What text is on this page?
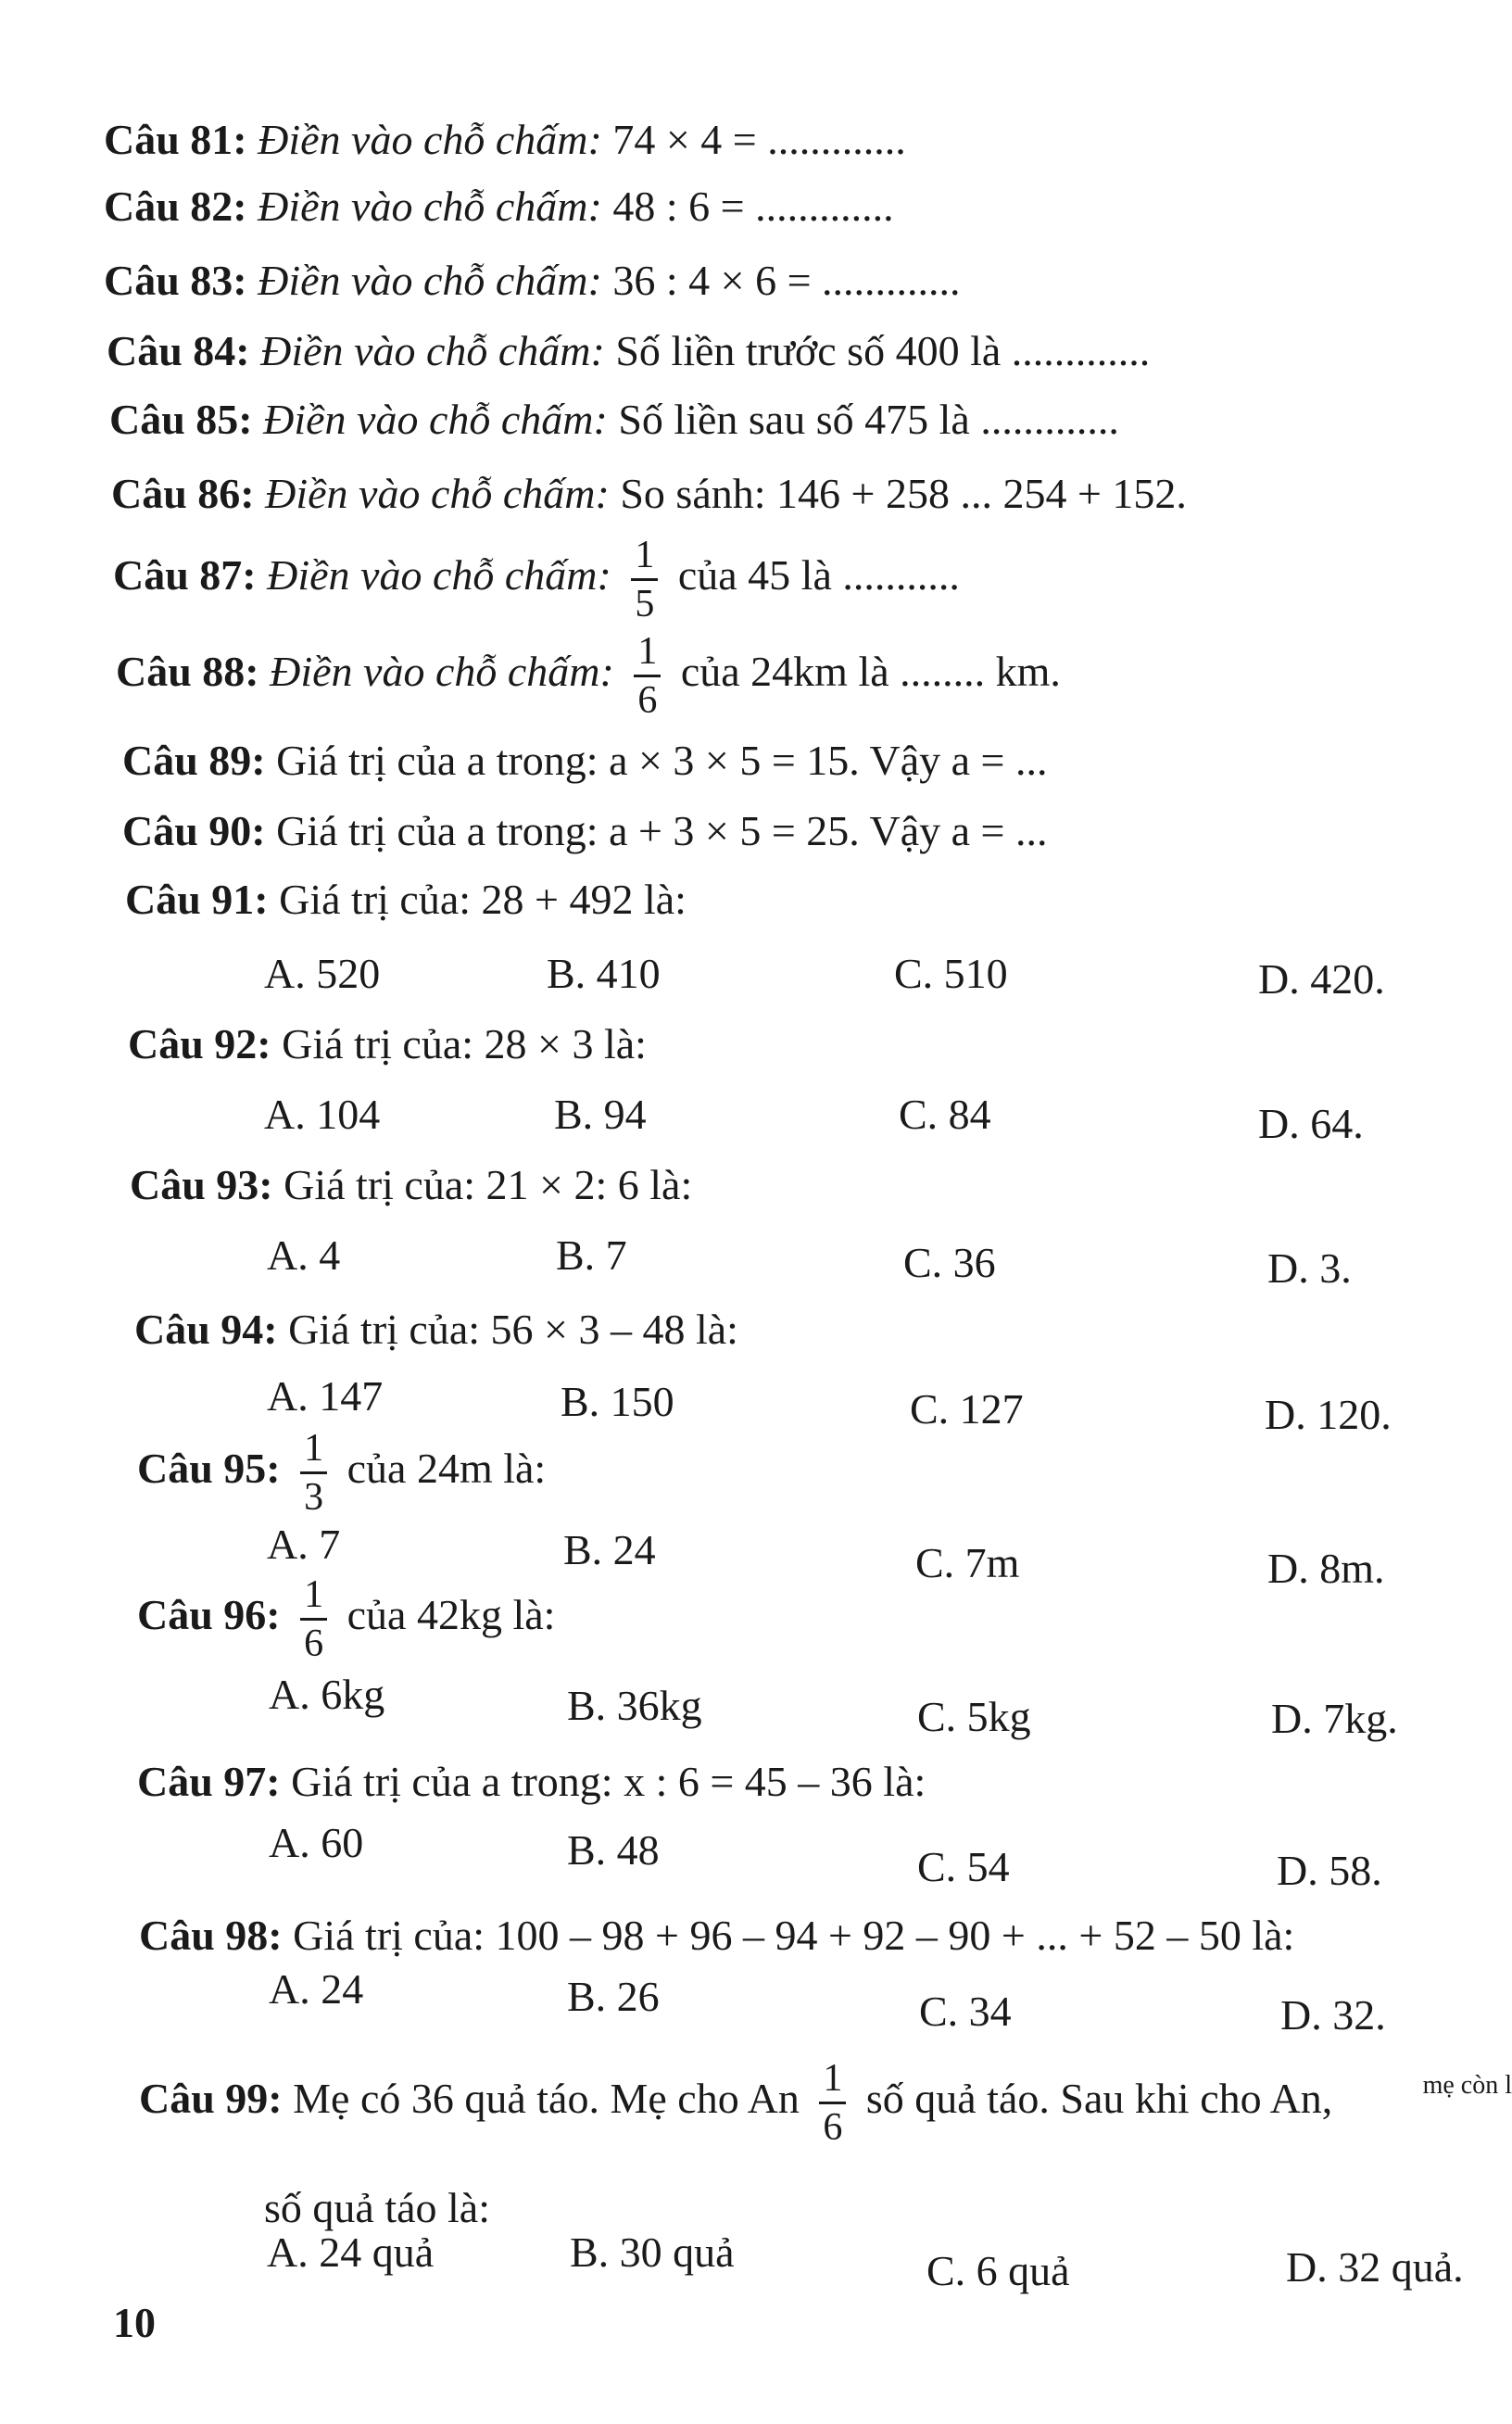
Câu 81: Điền vào chỗ chấm: 74 × 4 = .............
Câu 82: Điền vào chỗ chấm: 48 : 6 = .............
Câu 83: Điền vào chỗ chấm: 36 : 4 × 6 = .............
Câu 84: Điền vào chỗ chấm: Số liền trước số 400 là .............
Câu 85: Điền vào chỗ chấm: Số liền sau số 475 là .............
Câu 86: Điền vào chỗ chấm: So sánh: 146 + 258 ... 254 + 152.
Câu 87: Điền vào chỗ chấm: $\frac{1}{5}$ của 45 là ...........
Câu 88: Điền vào chỗ chấm: $\frac{1}{6}$ của 24km là ........ km.
Câu 89: Giá trị của a trong: a × 3 × 5 = 15. Vậy a = ...
Câu 90: Giá trị của a trong: a + 3 × 5 = 25. Vậy a = ...
Câu 91: Giá trị của: 28 + 492 là:
A. 520	B. 410	C. 510	D. 420.
Câu 92: Giá trị của: 28 × 3 là:
A. 104	B. 94	C. 84	D. 64.
Câu 93: Giá trị của: 21 × 2: 6 là:
A. 4	B. 7	C. 36	D. 3.
Câu 94: Giá trị của: 56 × 3 – 48 là:
A. 147	B. 150	C. 127	D. 120.
Câu 95: $\frac{1}{3}$ của 24m là:
A. 7	B. 24	C. 7m	D. 8m.
Câu 96: $\frac{1}{6}$ của 42kg là:
A. 6kg	B. 36kg	C. 5kg	D. 7kg.
Câu 97: Giá trị của a trong: x : 6 = 45 – 36 là:
A. 60	B. 48	C. 54	D. 58.
Câu 98: Giá trị của: 100 – 98 + 96 – 94 + 92 – 90 + ... + 52 – 50 là:
A. 24	B. 26	C. 34	D. 32.
Câu 99: Mẹ có 36 quả táo. Mẹ cho An $\frac{1}{6}$ số quả táo. Sau khi cho An,	mẹ còn l
số quả táo là:
A. 24 quả	B. 30 quả	C. 6 quả	D. 32 quả.
10
